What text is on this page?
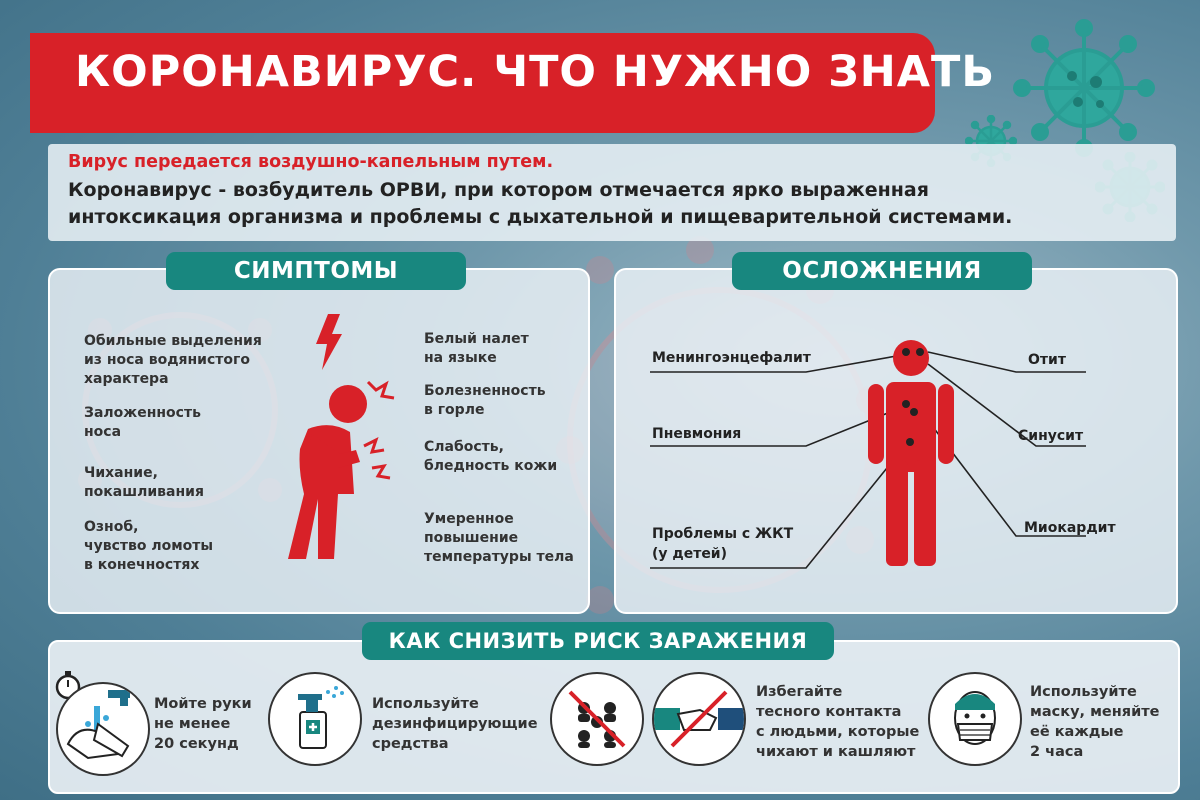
КОРОНАВИРУС. ЧТО НУЖНО ЗНАТЬ
Вирус передается воздушно-капельным путем.
Коронавирус - возбудитель ОРВИ, при котором отмечается ярко выраженная
интоксикация организма и проблемы с дыхательной и пищеварительной системами.
Обильные выделения
из носа водянистого
характера
Заложенность
носа
Чихание,
покашливания
Озноб,
чувство ломоты
в конечностях
Белый налет
на языке
Болезненность
в горле
Слабость,
бледность кожи
Умеренное
повышение
температуры тела
СИМПТОМЫ
Менингоэнцефалит
Пневмония
Проблемы с ЖКТ
(у детей)
Отит
Синусит
Миокардит
ОСЛОЖНЕНИЯ
Мойте руки
не менее
20 секунд
Используйте
дезинфицирующие
средства
Избегайте
тесного контакта
с людьми, которые
чихают и кашляют
Используйте
маску, меняйте
её каждые
2 часа
КАК СНИЗИТЬ РИСК ЗАРАЖЕНИЯ
